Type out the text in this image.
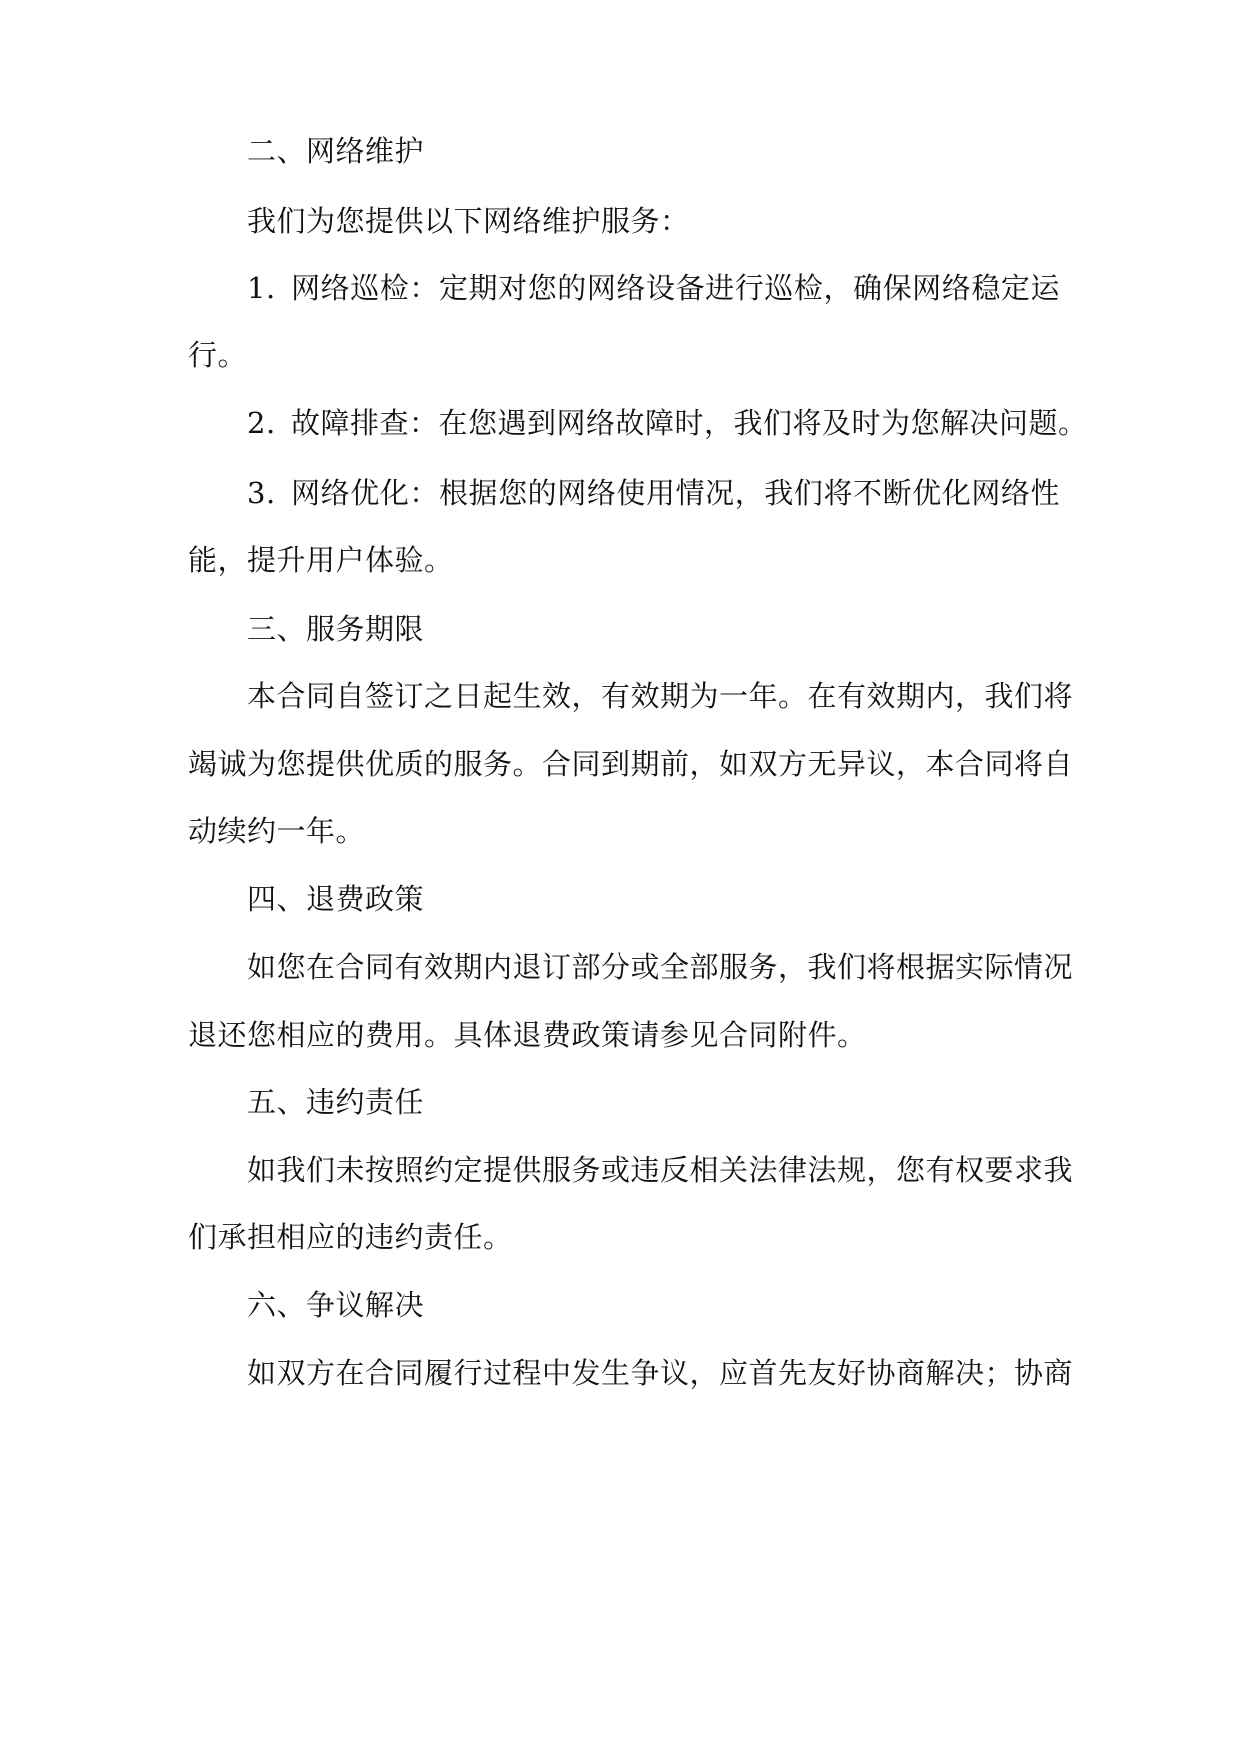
二、网络维护
我们为您提供以下网络维护服务：
1. 网络巡检：定期对您的网络设备进行巡检，确保网络稳定运
行。
2. 故障排查：在您遇到网络故障时，我们将及时为您解决问题。
3. 网络优化：根据您的网络使用情况，我们将不断优化网络性
能，提升用户体验。
三、服务期限
本合同自签订之日起生效，有效期为一年。在有效期内，我们将
竭诚为您提供优质的服务。合同到期前，如双方无异议，本合同将自
动续约一年。
四、退费政策
如您在合同有效期内退订部分或全部服务，我们将根据实际情况
退还您相应的费用。具体退费政策请参见合同附件。
五、违约责任
如我们未按照约定提供服务或违反相关法律法规，您有权要求我
们承担相应的违约责任。
六、争议解决
如双方在合同履行过程中发生争议，应首先友好协商解决；协商
